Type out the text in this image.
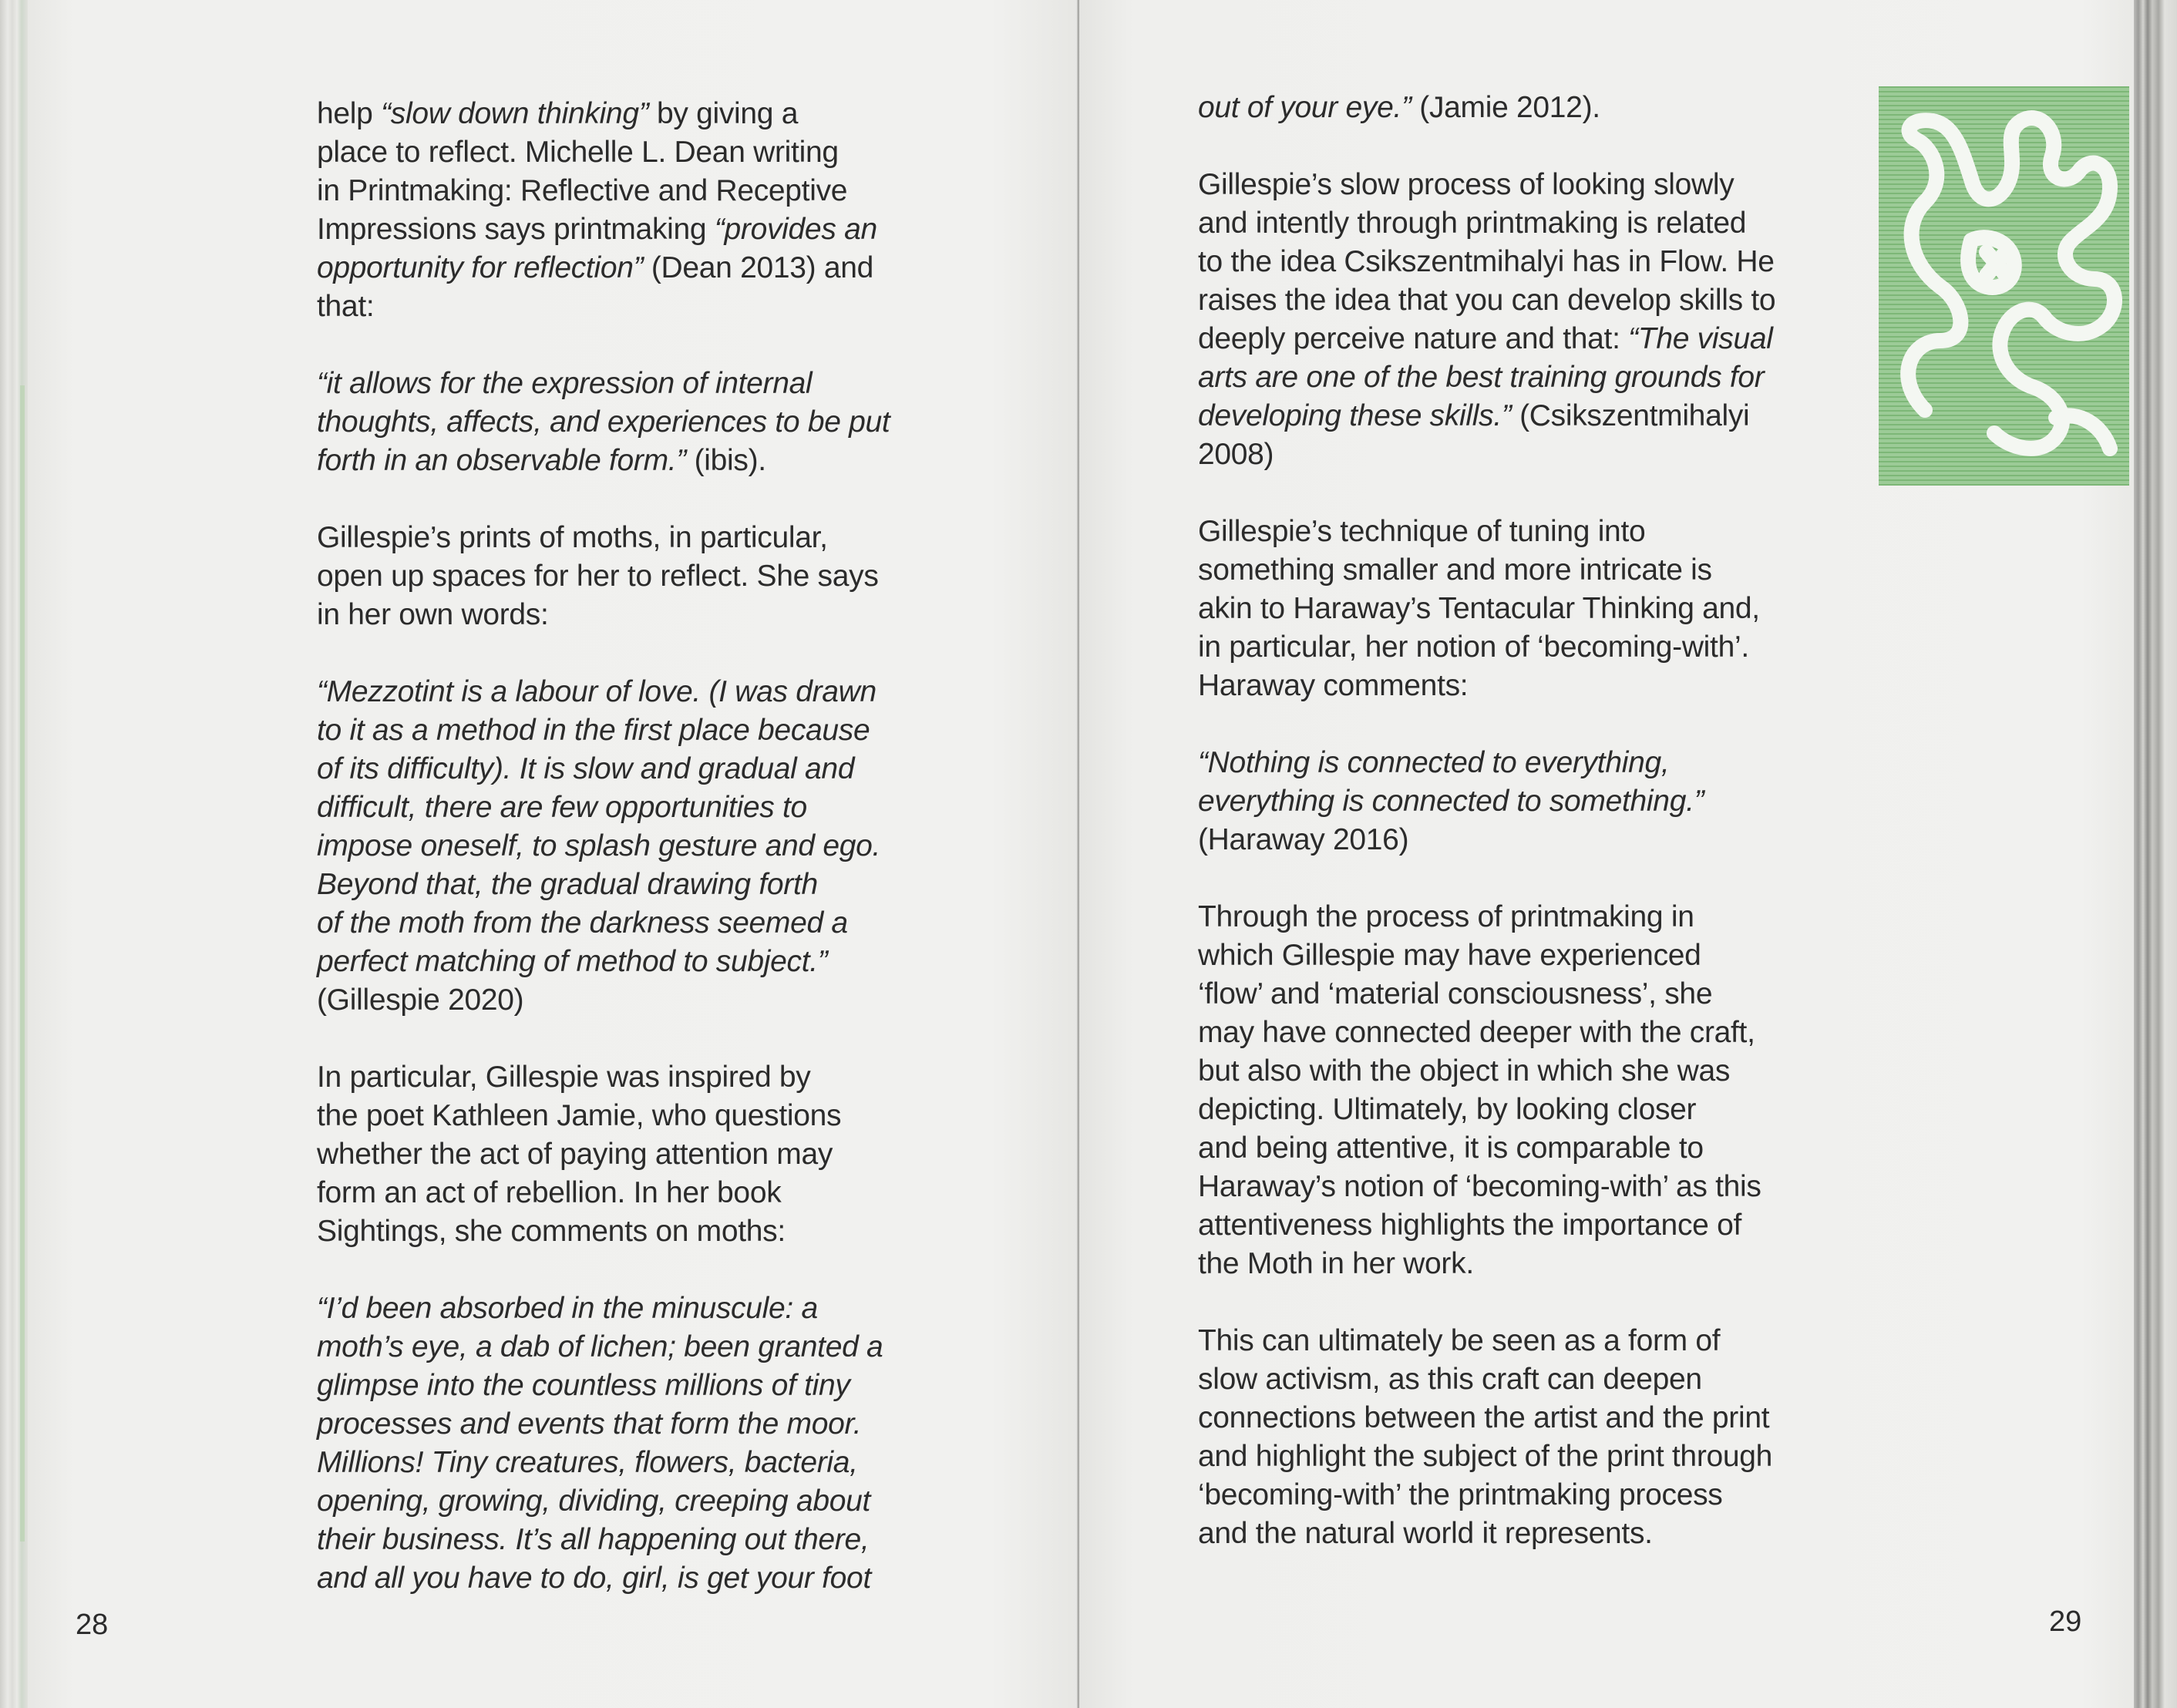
help “slow down thinking” by giving a
place to reflect. Michelle L. Dean writing
in Printmaking: Reflective and Receptive
Impressions says printmaking “provides an
opportunity for reflection” (Dean 2013) and
that:
“it allows for the expression of internal
thoughts, affects, and experiences to be put
forth in an observable form.” (ibis).
Gillespie’s prints of moths, in particular,
open up spaces for her to reflect. She says
in her own words:
“Mezzotint is a labour of love. (I was drawn
to it as a method in the first place because
of its difficulty). It is slow and gradual and
difficult, there are few opportunities to
impose oneself, to splash gesture and ego.
Beyond that, the gradual drawing forth
of the moth from the darkness seemed a
perfect matching of method to subject.”
(Gillespie 2020)
In particular, Gillespie was inspired by
the poet Kathleen Jamie, who questions
whether the act of paying attention may
form an act of rebellion. In her book
Sightings, she comments on moths:
“I’d been absorbed in the minuscule: a
moth’s eye, a dab of lichen; been granted a
glimpse into the countless millions of tiny
processes and events that form the moor.
Millions! Tiny creatures, flowers, bacteria,
opening, growing, dividing, creeping about
their business. It’s all happening out there,
and all you have to do, girl, is get your foot
28
out of your eye.” (Jamie 2012).
Gillespie’s slow process of looking slowly
and intently through printmaking is related
to the idea Csikszentmihalyi has in Flow. He
raises the idea that you can develop skills to
deeply perceive nature and that: “The visual
arts are one of the best training grounds for
developing these skills.” (Csikszentmihalyi
2008)
Gillespie’s technique of tuning into
something smaller and more intricate is
akin to Haraway’s Tentacular Thinking and,
in particular, her notion of ‘becoming-with’.
Haraway comments:
“Nothing is connected to everything,
everything is connected to something.”
(Haraway 2016)
Through the process of printmaking in
which Gillespie may have experienced
‘flow’ and ‘material consciousness’, she
may have connected deeper with the craft,
but also with the object in which she was
depicting. Ultimately, by looking closer
and being attentive, it is comparable to
Haraway’s notion of ‘becoming-with’ as this
attentiveness highlights the importance of
the Moth in her work.
This can ultimately be seen as a form of
slow activism, as this craft can deepen
connections between the artist and the print
and highlight the subject of the print through
‘becoming-with’ the printmaking process
and the natural world it represents.
29
